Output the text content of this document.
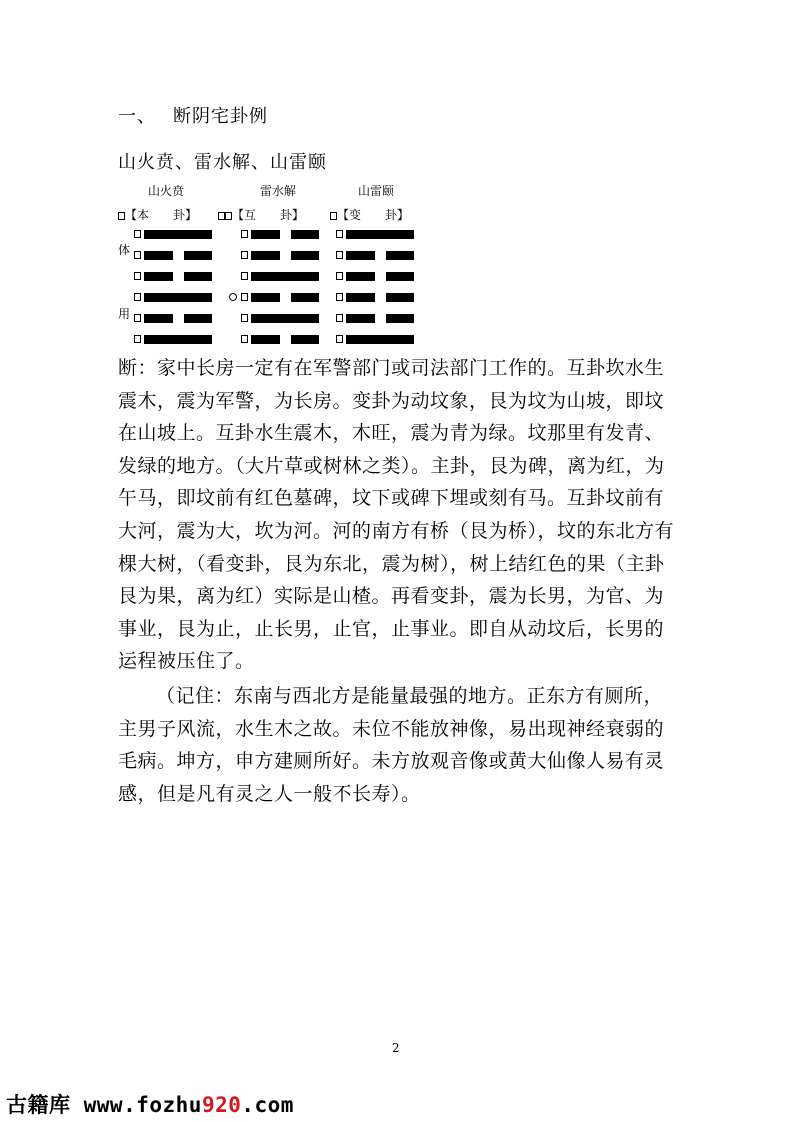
一、 断阴宅卦例
山火贲、雷水解、山雷颐
山火贲	雷水解	山雷颐
【本　　卦】	【互　　卦】	【变　　卦】
体
用

断：家中长房一定有在军警部门或司法部门工作的。互卦坎水生震木，震为军警，为长房。变卦为动坟象，艮为坟为山坡，即坟在山坡上。互卦水生震木，木旺，震为青为绿。坟那里有发青、发绿的地方。（大片草或树林之类）。主卦，艮为碑，离为红，为午马，即坟前有红色墓碑，坟下或碑下埋或刻有马。互卦坟前有大河，震为大，坎为河。河的南方有桥（艮为桥），坟的东北方有棵大树，（看变卦，艮为东北，震为树），树上结红色的果（主卦艮为果，离为红）实际是山楂。再看变卦，震为长男，为官、为事业，艮为止，止长男，止官，止事业。即自从动坟后，长男的运程被压住了。

（记住：东南与西北方是能量最强的地方。正东方有厕所，主男子风流，水生木之故。未位不能放神像，易出现神经衰弱的毛病。坤方，申方建厕所好。未方放观音像或黄大仙像人易有灵感，但是凡有灵之人一般不长寿）。

2
古籍库 www.fozhu920.com
